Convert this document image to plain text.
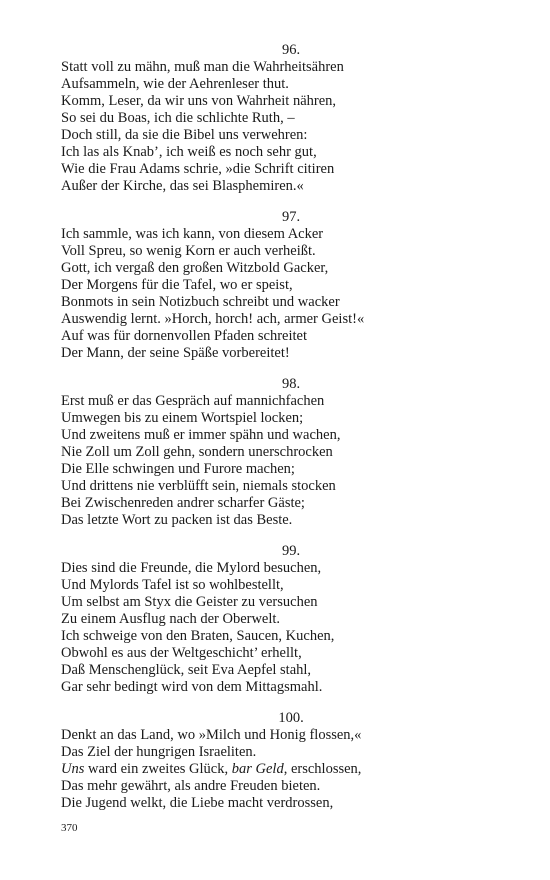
96.
Statt voll zu mähn, muß man die Wahrheitsähren
Aufsammeln, wie der Aehrenleser thut.
Komm, Leser, da wir uns von Wahrheit nähren,
So sei du Boas, ich die schlichte Ruth, –
Doch still, da sie die Bibel uns verwehren:
Ich las als Knab’, ich weiß es noch sehr gut,
Wie die Frau Adams schrie, »die Schrift citiren
Außer der Kirche, das sei Blasphemiren.«
97.
Ich sammle, was ich kann, von diesem Acker
Voll Spreu, so wenig Korn er auch verheißt.
Gott, ich vergaß den großen Witzbold Gacker,
Der Morgens für die Tafel, wo er speist,
Bonmots in sein Notizbuch schreibt und wacker
Auswendig lernt. »Horch, horch! ach, armer Geist!«
Auf was für dornenvollen Pfaden schreitet
Der Mann, der seine Späße vorbereitet!
98.
Erst muß er das Gespräch auf mannichfachen
Umwegen bis zu einem Wortspiel locken;
Und zweitens muß er immer spähn und wachen,
Nie Zoll um Zoll gehn, sondern unerschrocken
Die Elle schwingen und Furore machen;
Und drittens nie verblüfft sein, niemals stocken
Bei Zwischenreden andrer scharfer Gäste;
Das letzte Wort zu packen ist das Beste.
99.
Dies sind die Freunde, die Mylord besuchen,
Und Mylords Tafel ist so wohlbestellt,
Um selbst am Styx die Geister zu versuchen
Zu einem Ausflug nach der Oberwelt.
Ich schweige von den Braten, Saucen, Kuchen,
Obwohl es aus der Weltgeschicht’ erhellt,
Daß Menschenglück, seit Eva Aepfel stahl,
Gar sehr bedingt wird von dem Mittagsmahl.
100.
Denkt an das Land, wo »Milch und Honig flossen,«
Das Ziel der hungrigen Israeliten.
Uns ward ein zweites Glück, bar Geld, erschlossen,
Das mehr gewährt, als andre Freuden bieten.
Die Jugend welkt, die Liebe macht verdrossen,
370
